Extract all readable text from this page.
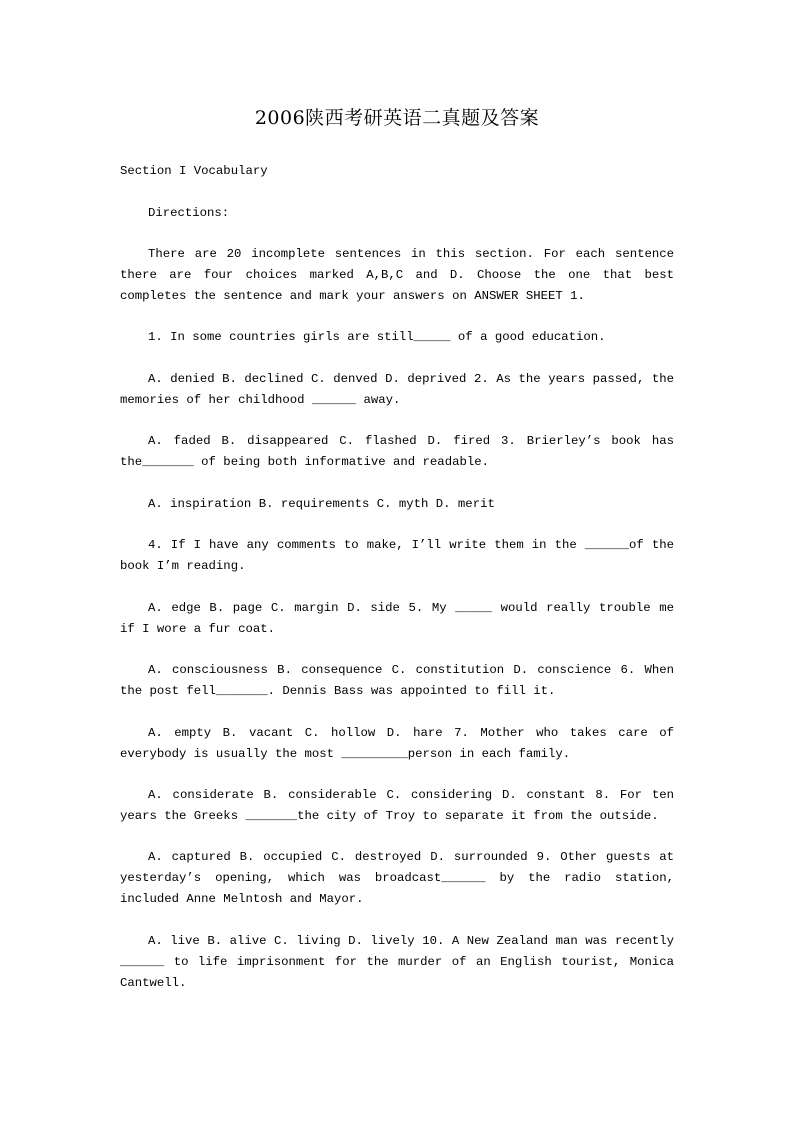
2006陕西考研英语二真题及答案

Section I Vocabulary

Directions:

There are 20 incomplete sentences in this section. For each sentence there are four choices marked A,B,C and D. Choose the one that best completes the sentence and mark your answers on ANSWER SHEET 1.

1. In some countries girls are still_____ of a good education.

A. denied B. declined C. denved D. deprived 2. As the years passed, the memories of her childhood ______ away.

A. faded B. disappeared C. flashed D. fired 3. Brierley’s book has the_______ of being both informative and readable.

A. inspiration B. requirements C. myth D. merit

4. If I have any comments to make, I’ll write them in the ______of the book I’m reading.

A. edge B. page C. margin D. side 5. My _____ would really trouble me if I wore a fur coat.

A. consciousness B. consequence C. constitution D. conscience 6. When the post fell_______. Dennis Bass was appointed to fill it.

A. empty B. vacant C. hollow D. hare 7. Mother who takes care of everybody is usually the most _________person in each family.

A. considerate B. considerable C. considering D. constant 8. For ten years the Greeks _______the city of Troy to separate it from the outside.

A. captured B. occupied C. destroyed D. surrounded 9. Other guests at yesterday’s opening, which was broadcast______ by the radio station, included Anne Melntosh and Mayor.

A. live B. alive C. living D. lively 10. A New Zealand man was recently ______ to life imprisonment for the murder of an English tourist, Monica Cantwell.
